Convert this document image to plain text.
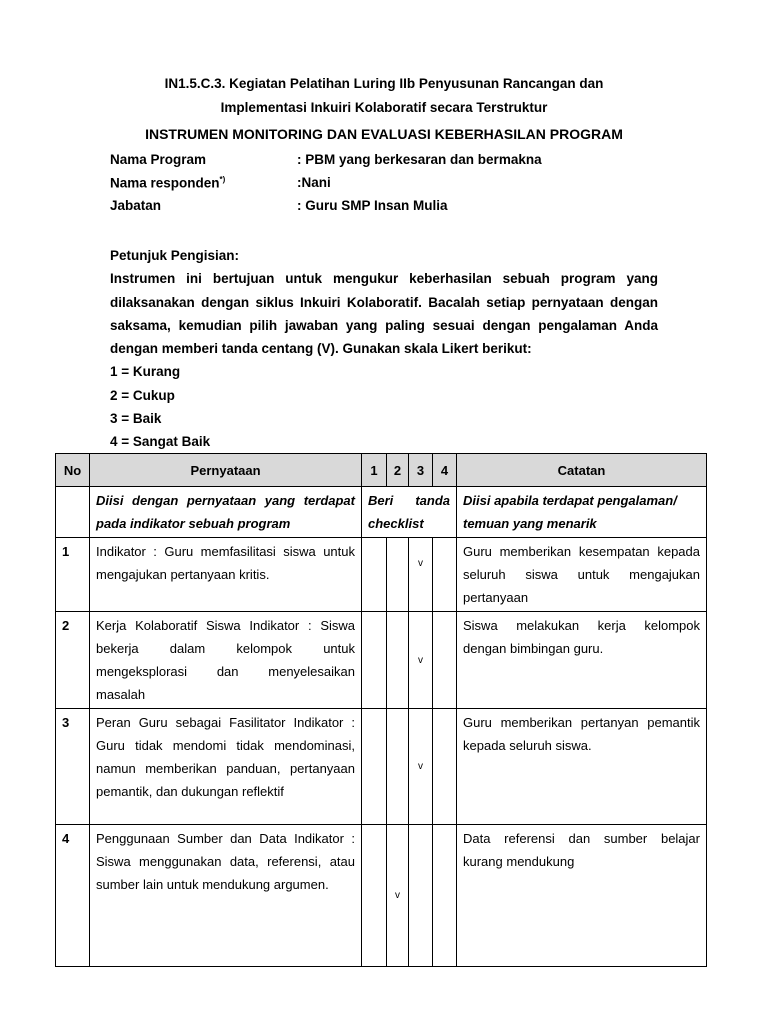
IN1.5.C.3. Kegiatan Pelatihan Luring IIb Penyusunan Rancangan dan
Implementasi Inkuiri Kolaboratif secara Terstruktur
INSTRUMEN MONITORING DAN EVALUASI KEBERHASILAN PROGRAM
Nama Program	: PBM yang berkesaran dan bermakna
Nama responden*)	:Nani
Jabatan	: Guru SMP Insan Mulia
Petunjuk Pengisian:
Instrumen ini bertujuan untuk mengukur keberhasilan sebuah program yang dilaksanakan dengan siklus Inkuiri Kolaboratif. Bacalah setiap pernyataan dengan saksama, kemudian pilih jawaban yang paling sesuai dengan pengalaman Anda dengan memberi tanda centang (V). Gunakan skala Likert berikut:
1 = Kurang
2 = Cukup
3 = Baik
4 = Sangat Baik
No	Pernyataan	1	2	3	4	Catatan
	Diisi dengan pernyataan yang terdapat pada indikator sebuah program	Beri tanda checklist				Diisi apabila terdapat pengalaman/ temuan yang menarik
1	Indikator : Guru memfasilitasi siswa untuk mengajukan pertanyaan kritis.			v		Guru memberikan kesempatan kepada seluruh siswa untuk mengajukan pertanyaan
2	Kerja Kolaboratif Siswa Indikator : Siswa bekerja dalam kelompok untuk mengeksplorasi dan menyelesaikan masalah			v		Siswa melakukan kerja kelompok dengan bimbingan guru.
3	Peran Guru sebagai Fasilitator Indikator : Guru tidak mendomi tidak mendominasi, namun memberikan panduan, pertanyaan pemantik, dan dukungan reflektif			v		Guru memberikan pertanyan pemantik kepada seluruh siswa.
4	Penggunaan Sumber dan Data Indikator : Siswa menggunakan data, referensi, atau sumber lain untuk mendukung argumen.		v			Data referensi dan sumber belajar kurang mendukung
